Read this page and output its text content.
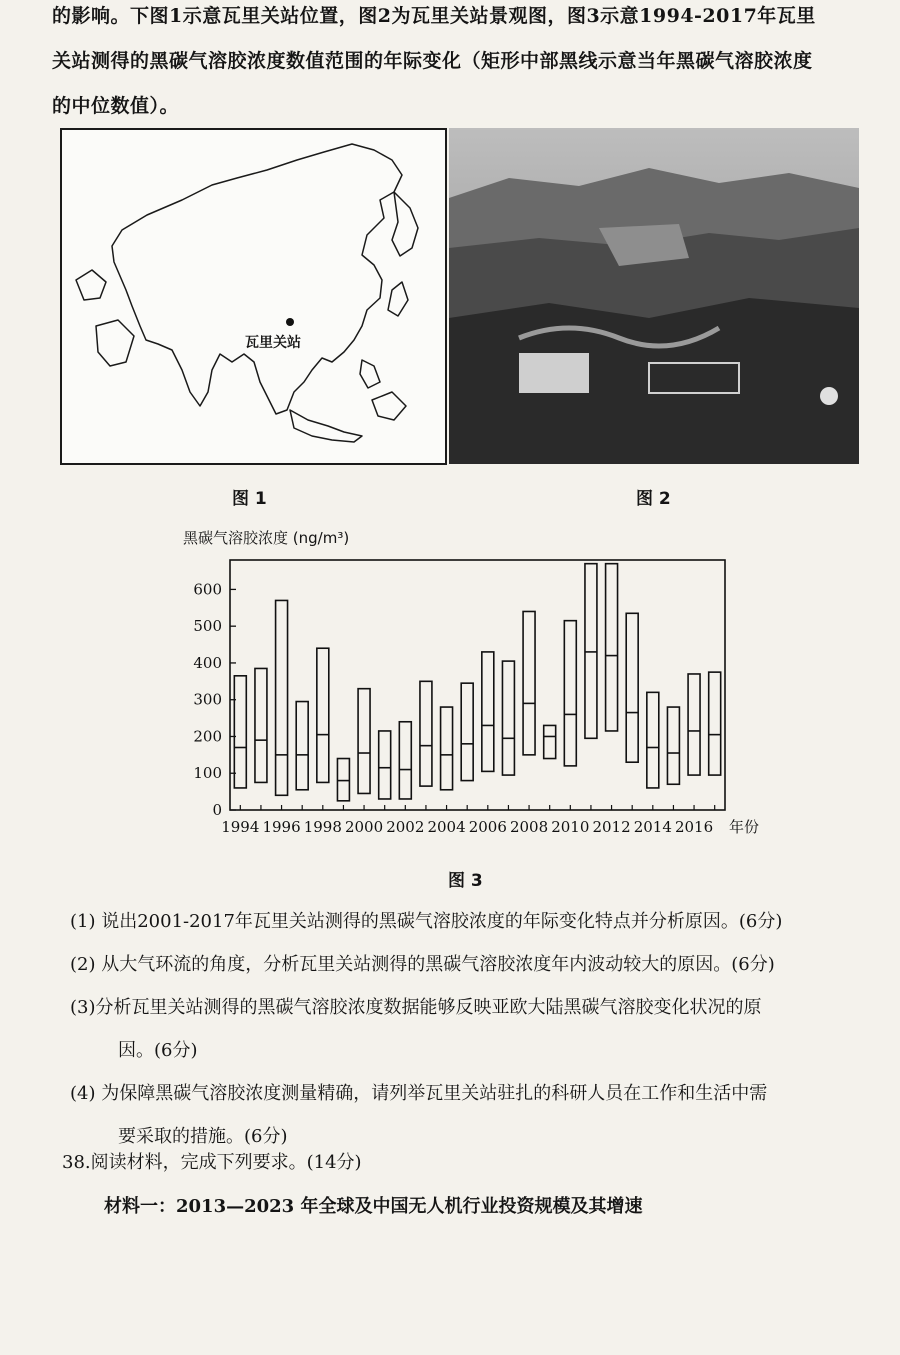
的影响。下图1示意瓦里关站位置，图2为瓦里关站景观图，图3示意1994-2017年瓦里
关站测得的黑碳气溶胶浓度数值范围的年际变化（矩形中部黑线示意当年黑碳气溶胶浓度
的中位数值）。
瓦里关站
图 1	图 2
黑碳气溶胶浓度 (ng/m³)
0
100
200
300
400
500
600
1994 1996 1998 2000 2002 2004 2006 2008 2010 2012 2014 2016 年份
图 3
(1) 说出2001-2017年瓦里关站测得的黑碳气溶胶浓度的年际变化特点并分析原因。(6分)
(2) 从大气环流的角度，分析瓦里关站测得的黑碳气溶胶浓度年内波动较大的原因。(6分)
(3)分析瓦里关站测得的黑碳气溶胶浓度数据能够反映亚欧大陆黑碳气溶胶变化状况的原
因。(6分)
(4) 为保障黑碳气溶胶浓度测量精确，请列举瓦里关站驻扎的科研人员在工作和生活中需
要采取的措施。(6分)
38.阅读材料，完成下列要求。(14分)
材料一：2013—2023 年全球及中国无人机行业投资规模及其增速
